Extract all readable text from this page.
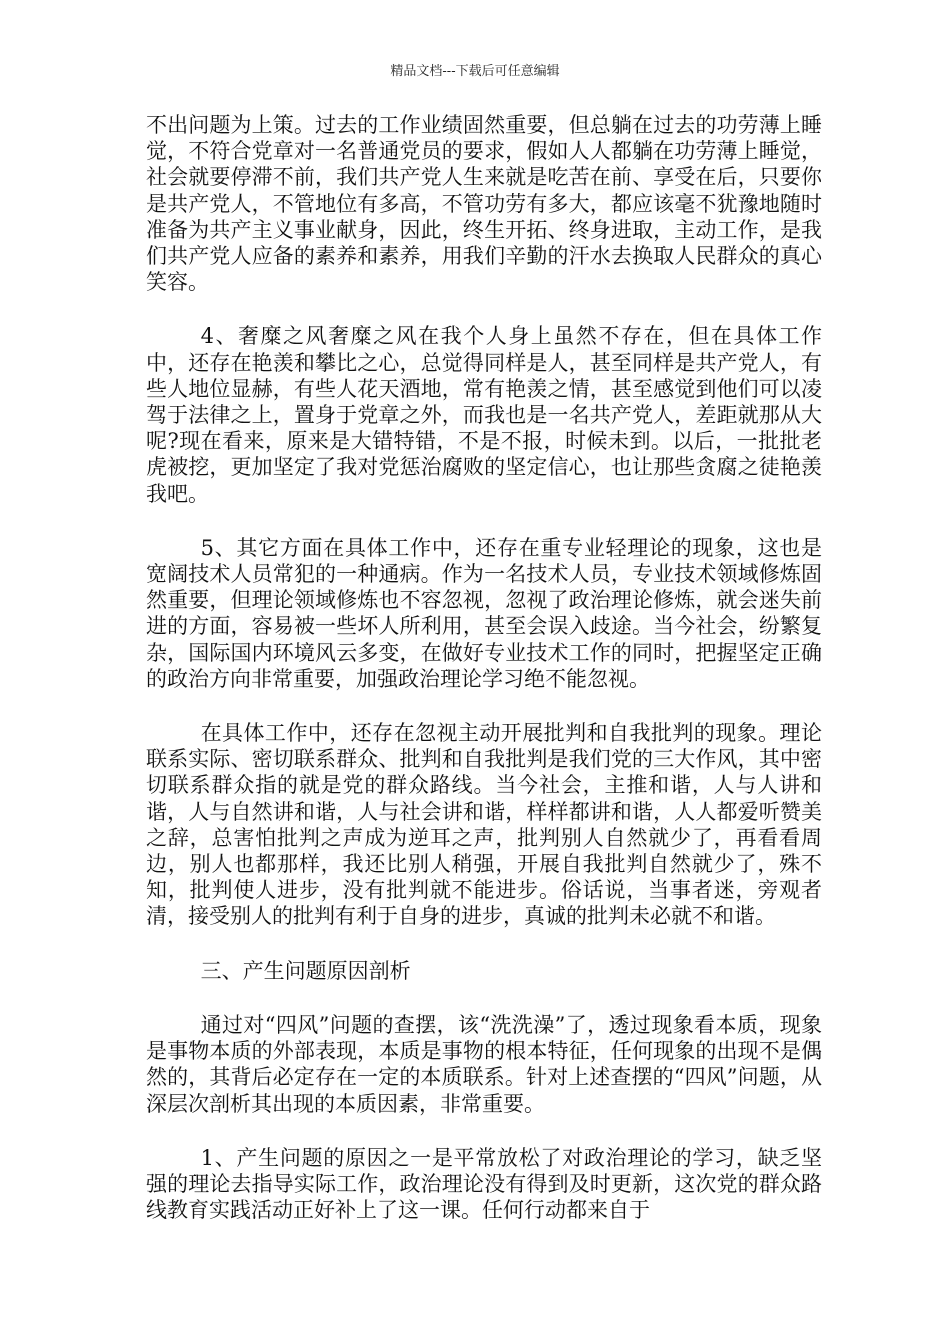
精品文档---下载后可任意编辑

不出问题为上策。过去的工作业绩固然重要，但总躺在过去的功劳薄上睡觉，不符合党章对一名普通党员的要求，假如人人都躺在功劳薄上睡觉，社会就要停滞不前，我们共产党人生来就是吃苦在前、享受在后，只要你是共产党人，不管地位有多高，不管功劳有多大，都应该毫不犹豫地随时准备为共产主义事业献身，因此，终生开拓、终身进取，主动工作，是我们共产党人应备的素养和素养，用我们辛勤的汗水去换取人民群众的真心笑容。

4、奢糜之风奢糜之风在我个人身上虽然不存在，但在具体工作中，还存在艳羡和攀比之心，总觉得同样是人，甚至同样是共产党人，有些人地位显赫，有些人花天酒地，常有艳羡之情，甚至感觉到他们可以凌驾于法律之上，置身于党章之外，而我也是一名共产党人，差距就那从大呢?现在看来，原来是大错特错，不是不报，时候未到。以后，一批批老虎被挖，更加坚定了我对党惩治腐败的坚定信心，也让那些贪腐之徒艳羡我吧。

5、其它方面在具体工作中，还存在重专业轻理论的现象，这也是宽阔技术人员常犯的一种通病。作为一名技术人员，专业技术领域修炼固然重要，但理论领域修炼也不容忽视，忽视了政治理论修炼，就会迷失前进的方面，容易被一些坏人所利用，甚至会误入歧途。当今社会，纷繁复杂，国际国内环境风云多变，在做好专业技术工作的同时，把握坚定正确的政治方向非常重要，加强政治理论学习绝不能忽视。

在具体工作中，还存在忽视主动开展批判和自我批判的现象。理论联系实际、密切联系群众、批判和自我批判是我们党的三大作风，其中密切联系群众指的就是党的群众路线。当今社会，主推和谐，人与人讲和谐，人与自然讲和谐，人与社会讲和谐，样样都讲和谐，人人都爱听赞美之辞，总害怕批判之声成为逆耳之声，批判别人自然就少了，再看看周边，别人也都那样，我还比别人稍强，开展自我批判自然就少了，殊不知，批判使人进步，没有批判就不能进步。俗话说，当事者迷，旁观者清，接受别人的批判有利于自身的进步，真诚的批判未必就不和谐。

三、产生问题原因剖析

通过对“四风”问题的查摆，该“洗洗澡”了，透过现象看本质，现象是事物本质的外部表现，本质是事物的根本特征，任何现象的出现不是偶然的，其背后必定存在一定的本质联系。针对上述查摆的“四风”问题，从深层次剖析其出现的本质因素，非常重要。

1、产生问题的原因之一是平常放松了对政治理论的学习，缺乏坚强的理论去指导实际工作，政治理论没有得到及时更新，这次党的群众路线教育实践活动正好补上了这一课。任何行动都来自于
